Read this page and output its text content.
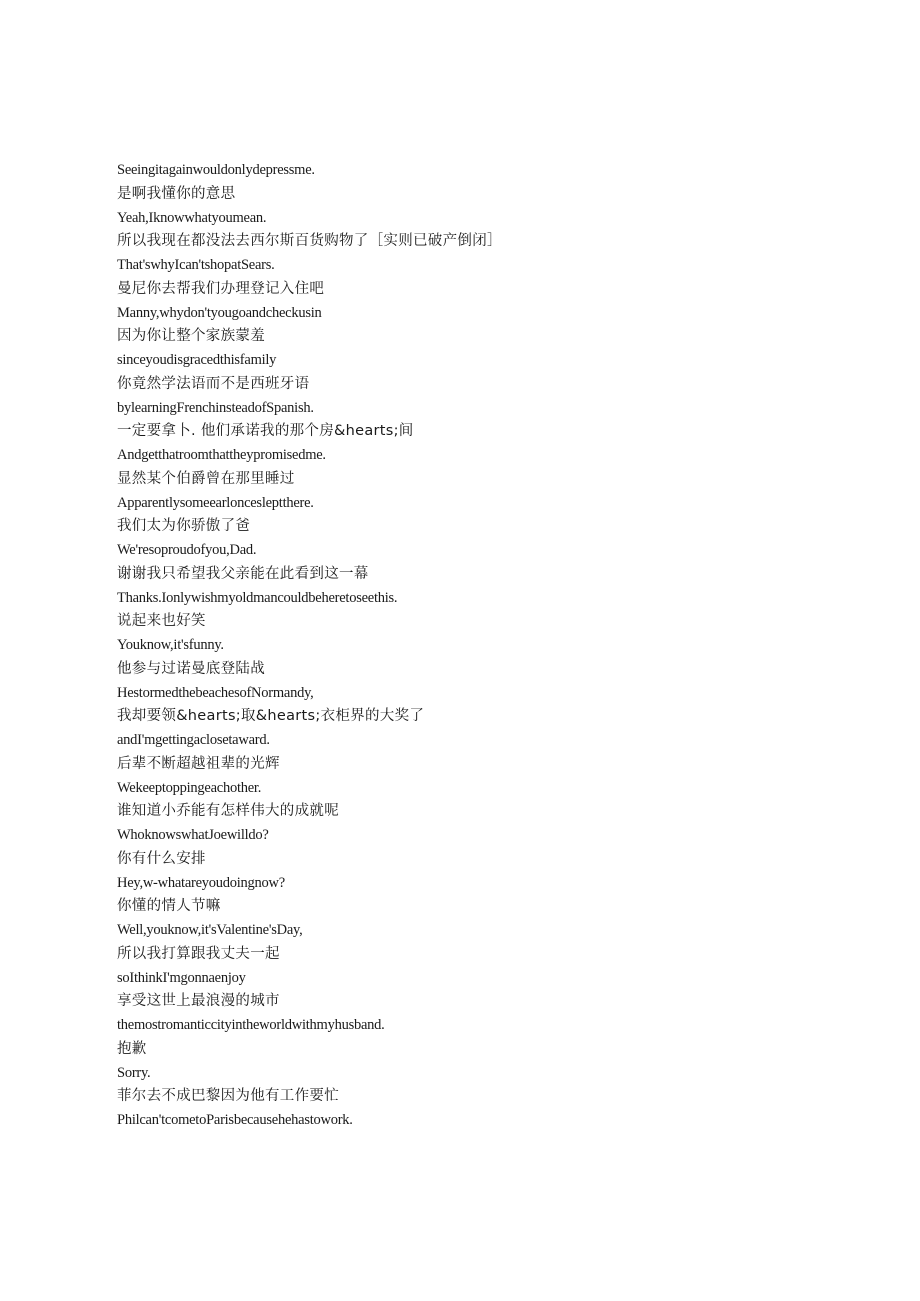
Seeingitagainwouldonlydepressme.
是啊我懂你的意思
Yeah,Iknowwhatyoumean.
所以我现在都没法去西尔斯百货购物了［实则已破产倒闭］
That'swhyIcan'tshopatSears.
曼尼你去帮我们办理登记入住吧
Manny,whydon'tyougoandcheckusin
因为你让整个家族蒙羞
sinceyoudisgracedthisfamily
你竟然学法语而不是西班牙语
bylearningFrenchinsteadofSpanish.
一定要拿卜. 他们承诺我的那个房&hearts;间
Andgetthatroomthattheypromisedme.
显然某个伯爵曾在那里睡过
Apparentlysomeearloncesleptthere.
我们太为你骄傲了爸
We'resoproudofyou,Dad.
谢谢我只希望我父亲能在此看到这一幕
Thanks.Ionlywishmyoldmancouldbeheretoseethis.
说起来也好笑
Youknow,it'sfunny.
他参与过诺曼底登陆战
HestormedthebeachesofNormandy,
我却要领&hearts;取&hearts;衣柜界的大奖了
andI'mgettingaclosetaward.
后辈不断超越祖辈的光辉
Wekeeptoppingeachother.
谁知道小乔能有怎样伟大的成就呢
WhoknowswhatJoewilldo?
你有什么安排
Hey,w-whatareyoudoingnow?
你懂的情人节嘛
Well,youknow,it'sValentine'sDay,
所以我打算跟我丈夫一起
soIthinkI'mgonnaenjoy
享受这世上最浪漫的城市
themostromanticcityintheworldwithmyhusband.
抱歉
Sorry.
菲尔去不成巴黎因为他有工作要忙
Philcan'tcometoParisbecausehehastowork.
